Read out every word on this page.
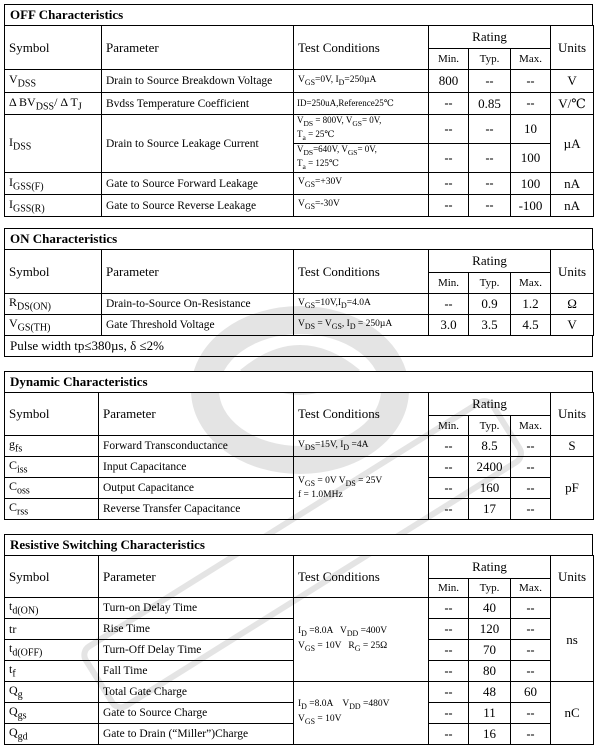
OFF Characteristics
Symbol	Parameter	Test Conditions	Rating			Units
			Min.	Typ.	Max.	
$V_{DSS}$	Drain to Source Breakdown Voltage	$V_{GS}=0V$, $I_D=250\mu A$	800	--	--	V
Δ $BV_{DSS}/$ Δ $T_J$	Bvdss Temperature Coefficient	ID=250uA,Reference25℃	--	0.85	--	V/℃
$I_{DSS}$	Drain to Source Leakage Current	$V_{DS} = 800V$, $V_{GS}= 0V$,
$T_a$ = 25℃	--	--	10	µA
		$V_{DS}=640V$, $V_{GS}= 0V$,
$T_a$ = 125℃	--	--	100	
$I_{GSS(F)}$	Gate to Source Forward Leakage	$V_{GS}=+30V$	--	--	100	nA
$I_{GSS(R)}$	Gate to Source Reverse Leakage	$V_{GS}=-30V$	--	--	-100	nA
ON Characteristics
Symbol	Parameter	Test Conditions	Rating			Units
			Min.	Typ.	Max.	
$R_{DS(ON)}$	Drain-to-Source On-Resistance	$V_{GS}=10V,I_D=4.0A$	--	0.9	1.2	Ω
$V_{GS(TH)}$	Gate Threshold Voltage	$V_{DS} = V_{GS}$, $I_D = 250\mu A$	3.0	3.5	4.5	V
Pulse width tp≤380µs, δ ≤2%
Dynamic Characteristics
Symbol	Parameter	Test Conditions	Rating			Units
			Min.	Typ.	Max.	
$g_{fs}$	Forward Transconductance	$V_{DS}=15V$, $I_D =4A$	--	8.5	--	S
$C_{iss}$	Input Capacitance	$V_{GS} = 0V$ $V_{DS} = 25V$
f = 1.0MHz	--	2400	--	pF
$C_{oss}$	Output Capacitance		--	160	--	
$C_{rss}$	Reverse Transfer Capacitance		--	17	--	
Resistive Switching Characteristics
Symbol	Parameter	Test Conditions	Rating			Units
			Min.	Typ.	Max.	
$t_{d(ON)}$	Turn-on Delay Time	$I_D =8.0A$   $V_{DD} =400V$
$V_{GS} = 10V$   $R_G = 25\Omega$	--	40	--	ns
tr	Rise Time		--	120	--	
$t_{d(OFF)}$	Turn-Off Delay Time		--	70	--	
$t_f$	Fall Time		--	80	--	
$Q_g$	Total Gate Charge	$I_D =8.0A$    $V_{DD} =480V$
$V_{GS} = 10V$	--	48	60	nC
$Q_{gs}$	Gate to Source Charge		--	11	--	
$Q_{gd}$	Gate to Drain (“Miller”)Charge		--	16	--	
